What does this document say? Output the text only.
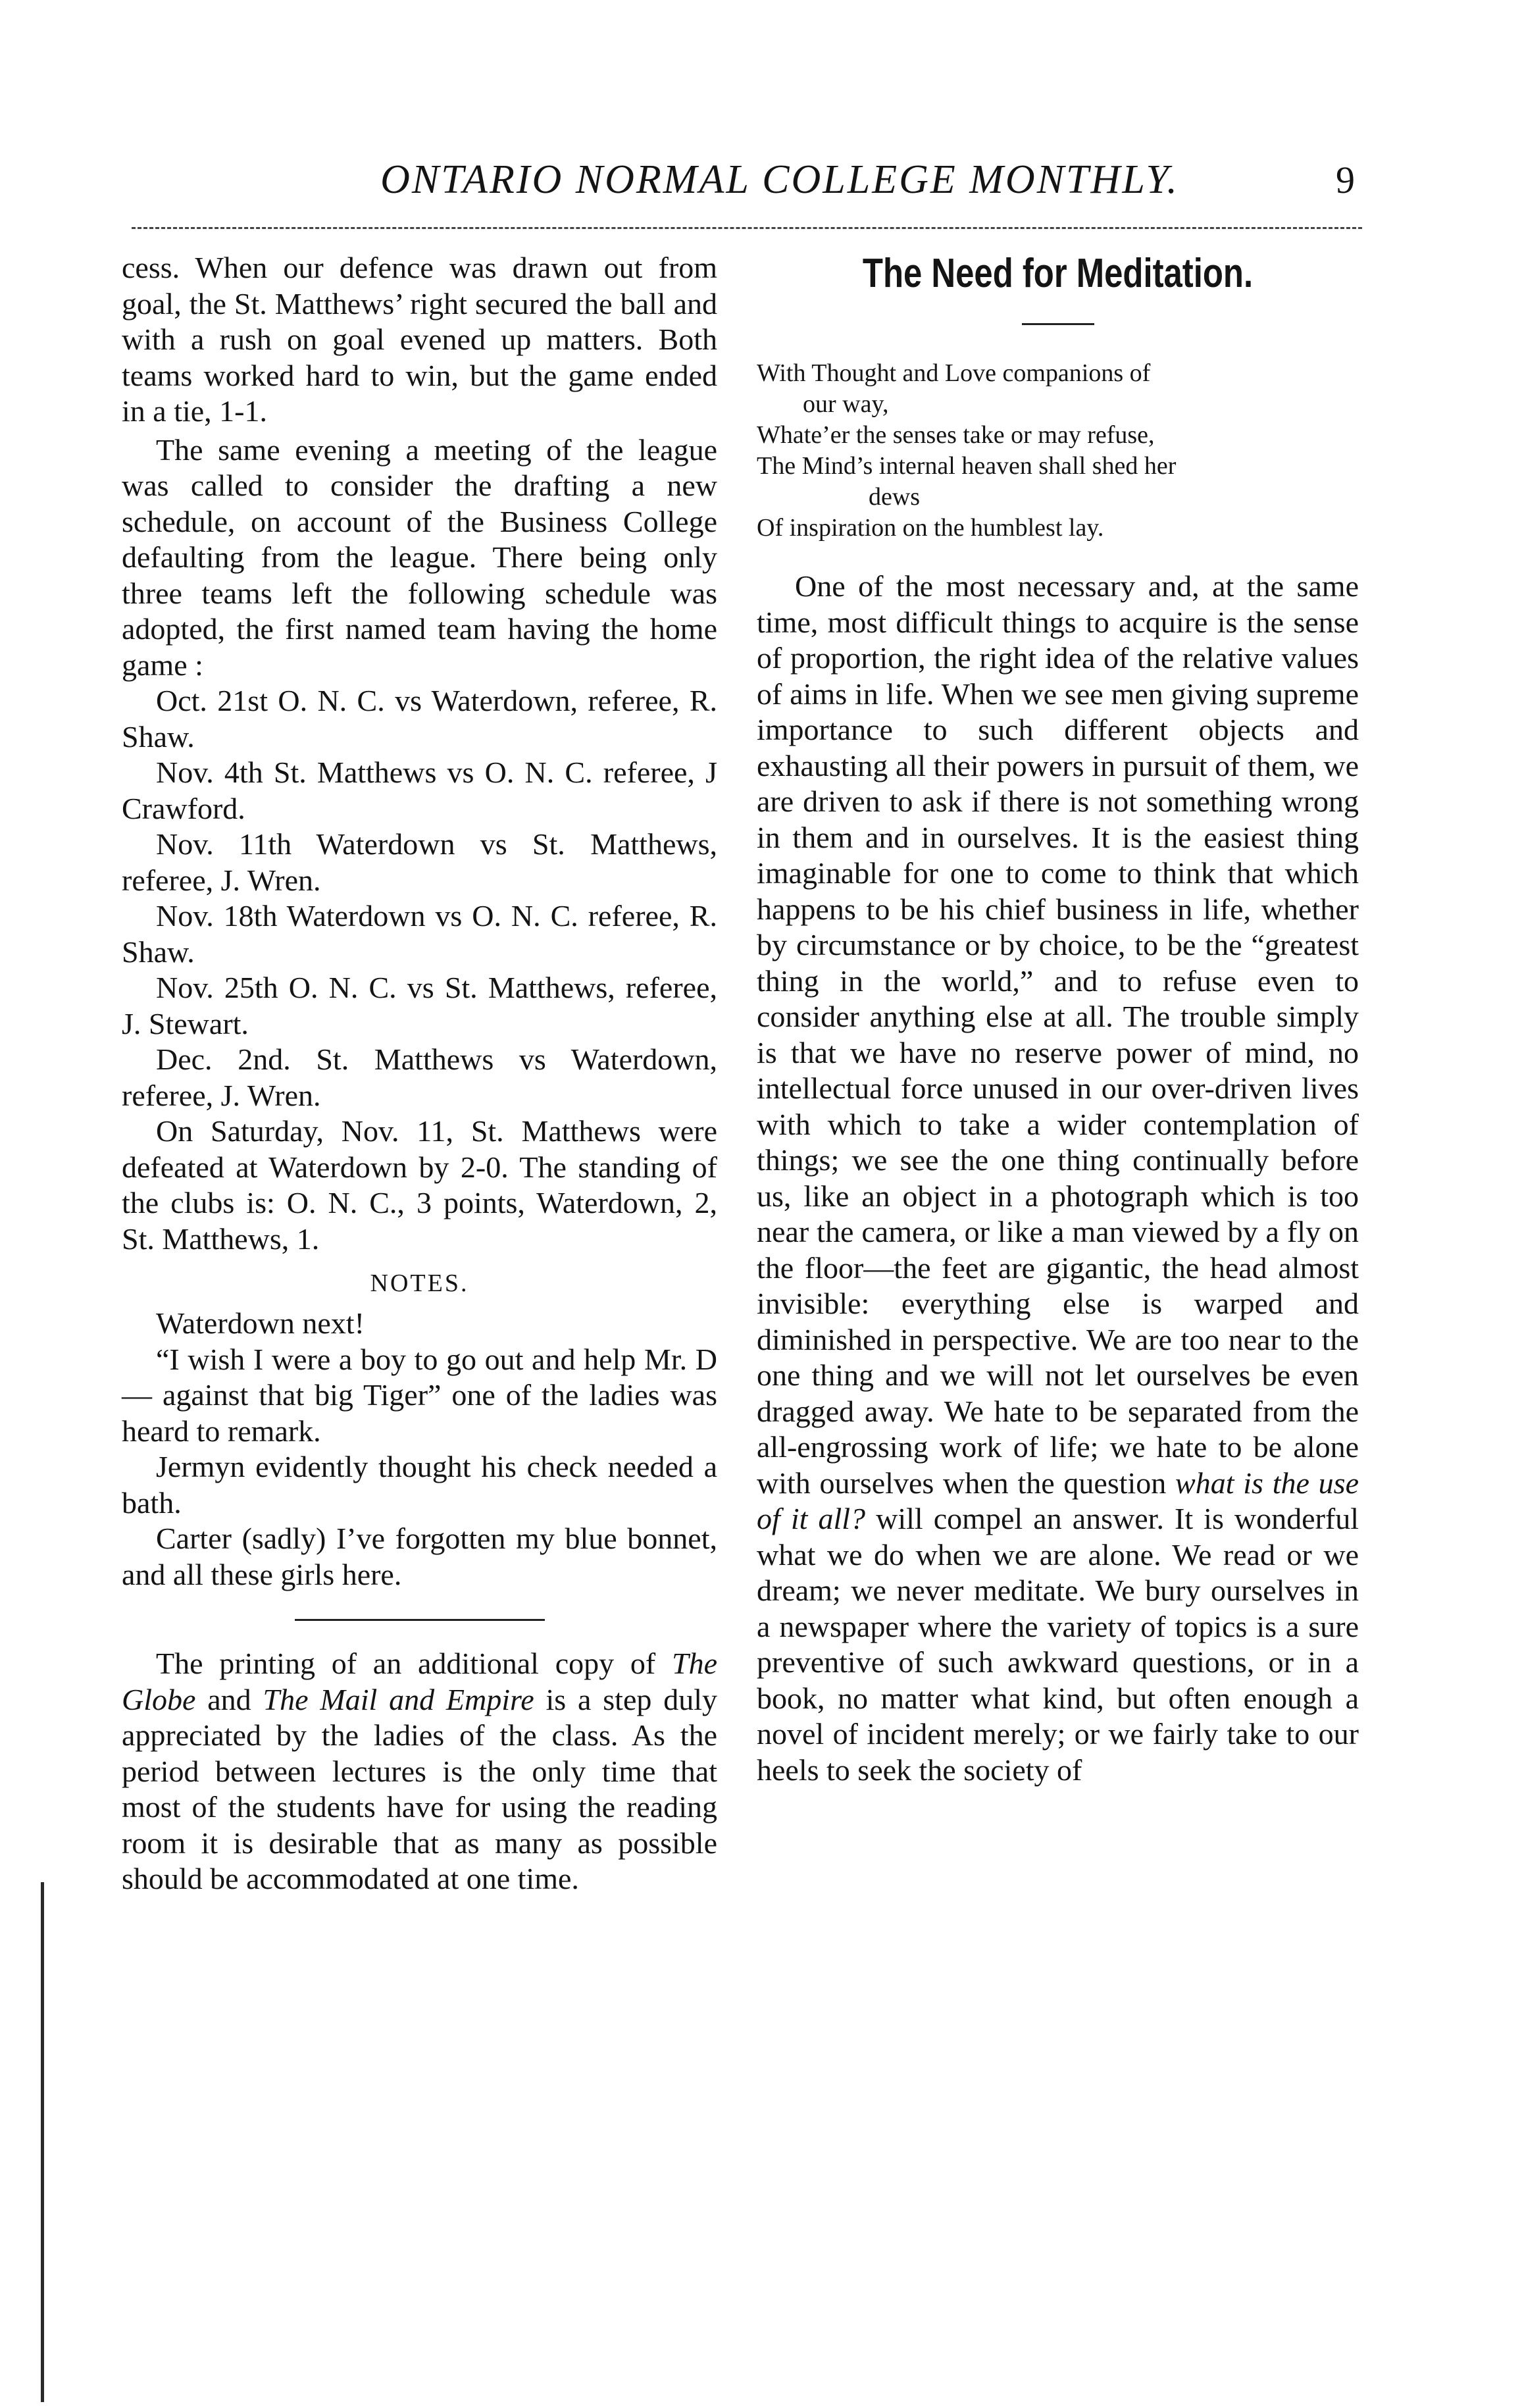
ONTARIO NORMAL COLLEGE MONTHLY.	9

cess. When our defence was drawn out from goal, the St. Matthews’ right secured the ball and with a rush on goal evened up matters. Both teams worked hard to win, but the game ended in a tie, 1-1.

The same evening a meeting of the league was called to consider the drafting a new schedule, on account of the Business College defaulting from the league. There being only three teams left the following schedule was adopted, the first named team having the home game :

Oct. 21st O. N. C. vs Waterdown, referee, R. Shaw.

Nov. 4th St. Matthews vs O. N. C. referee, J Crawford.

Nov. 11th Waterdown vs St. Matthews, referee, J. Wren.

Nov. 18th Waterdown vs O. N. C. referee, R. Shaw.

Nov. 25th O. N. C. vs St. Matthews, referee, J. Stewart.

Dec. 2nd. St. Matthews vs Waterdown, referee, J. Wren.

On Saturday, Nov. 11, St. Matthews were defeated at Waterdown by 2-0. The standing of the clubs is: O. N. C., 3 points, Waterdown, 2, St. Matthews, 1.

NOTES.

Waterdown next!

“I wish I were a boy to go out and help Mr. D— against that big Tiger” one of the ladies was heard to remark.

Jermyn evidently thought his check needed a bath.

Carter (sadly) I’ve forgotten my blue bonnet, and all these girls here.

The printing of an additional copy of The Globe and The Mail and Empire is a step duly appreciated by the ladies of the class. As the period between lectures is the only time that most of the students have for using the reading room it is desirable that as many as possible should be accommodated at one time.

The Need for Meditation.
With Thought and Love companions of
our way,
Whate’er the senses take or may refuse,
The Mind’s internal heaven shall shed her
dews
Of inspiration on the humblest lay.

One of the most necessary and, at the same time, most difficult things to acquire is the sense of proportion, the right idea of the relative values of aims in life. When we see men giving supreme importance to such different objects and exhausting all their powers in pursuit of them, we are driven to ask if there is not something wrong in them and in ourselves. It is the easiest thing imaginable for one to come to think that which happens to be his chief business in life, whether by circumstance or by choice, to be the “greatest thing in the world,” and to refuse even to consider anything else at all. The trouble simply is that we have no reserve power of mind, no intellectual force unused in our over-driven lives with which to take a wider contemplation of things; we see the one thing continually before us, like an object in a photograph which is too near the camera, or like a man viewed by a fly on the floor—the feet are gigantic, the head almost invisible: everything else is warped and diminished in perspective. We are too near to the one thing and we will not let ourselves be even dragged away. We hate to be separated from the all-engrossing work of life; we hate to be alone with ourselves when the question what is the use of it all? will compel an answer. It is wonderful what we do when we are alone. We read or we dream; we never meditate. We bury ourselves in a newspaper where the variety of topics is a sure preventive of such awkward questions, or in a book, no matter what kind, but often enough a novel of incident merely; or we fairly take to our heels to seek the society of
